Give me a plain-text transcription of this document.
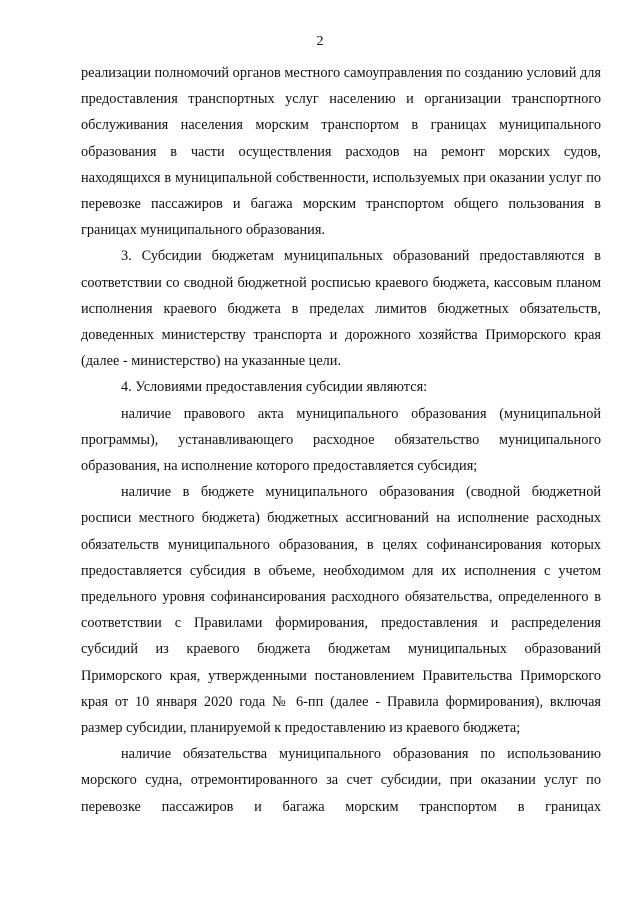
2

реализации полномочий органов местного самоуправления по созданию условий для предоставления транспортных услуг населению и организации транспортного обслуживания населения морским транспортом в границах муниципального образования в части осуществления расходов на ремонт морских судов, находящихся в муниципальной собственности, используемых при оказании услуг по перевозке пассажиров и багажа морским транспортом общего пользования в границах муниципального образования.

3. Субсидии бюджетам муниципальных образований предоставляются в соответствии со сводной бюджетной росписью краевого бюджета, кассовым планом исполнения краевого бюджета в пределах лимитов бюджетных обязательств, доведенных министерству транспорта и дорожного хозяйства Приморского края (далее - министерство) на указанные цели.

4. Условиями предоставления субсидии являются:

наличие правового акта муниципального образования (муниципальной программы), устанавливающего расходное обязательство муниципального образования, на исполнение которого предоставляется субсидия;

наличие в бюджете муниципального образования (сводной бюджетной росписи местного бюджета) бюджетных ассигнований на исполнение расходных обязательств муниципального образования, в целях софинансирования которых предоставляется субсидия в объеме, необходимом для их исполнения с учетом предельного уровня софинансирования расходного обязательства, определенного в соответствии с Правилами формирования, предоставления и распределения субсидий из краевого бюджета бюджетам муниципальных образований Приморского края, утвержденными постановлением Правительства Приморского края от 10 января 2020 года № 6-пп (далее - Правила формирования), включая размер субсидии, планируемой к предоставлению из краевого бюджета;

наличие обязательства муниципального образования по использованию морского судна, отремонтированного за счет субсидии, при оказании услуг по перевозке пассажиров и багажа морским транспортом в границах
